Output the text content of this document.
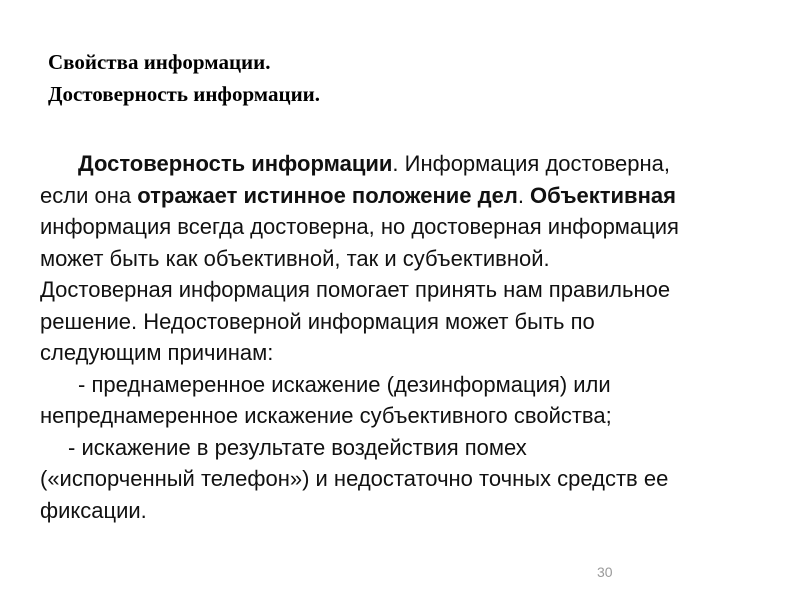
Свойства информации.
Достоверность информации.
Достоверность информации. Информация достоверна,
если она отражает истинное положение дел. Объективная
информация всегда достоверна, но достоверная информация
может быть как объективной, так и субъективной.
Достоверная информация помогает принять нам правильное
решение. Недостоверной информация может быть по
следующим причинам:
- преднамеренное искажение (дезинформация) или
непреднамеренное искажение субъективного свойства;
- искажение в результате воздействия помех
(«испорченный телефон») и недостаточно точных средств ее
фиксации.
30
